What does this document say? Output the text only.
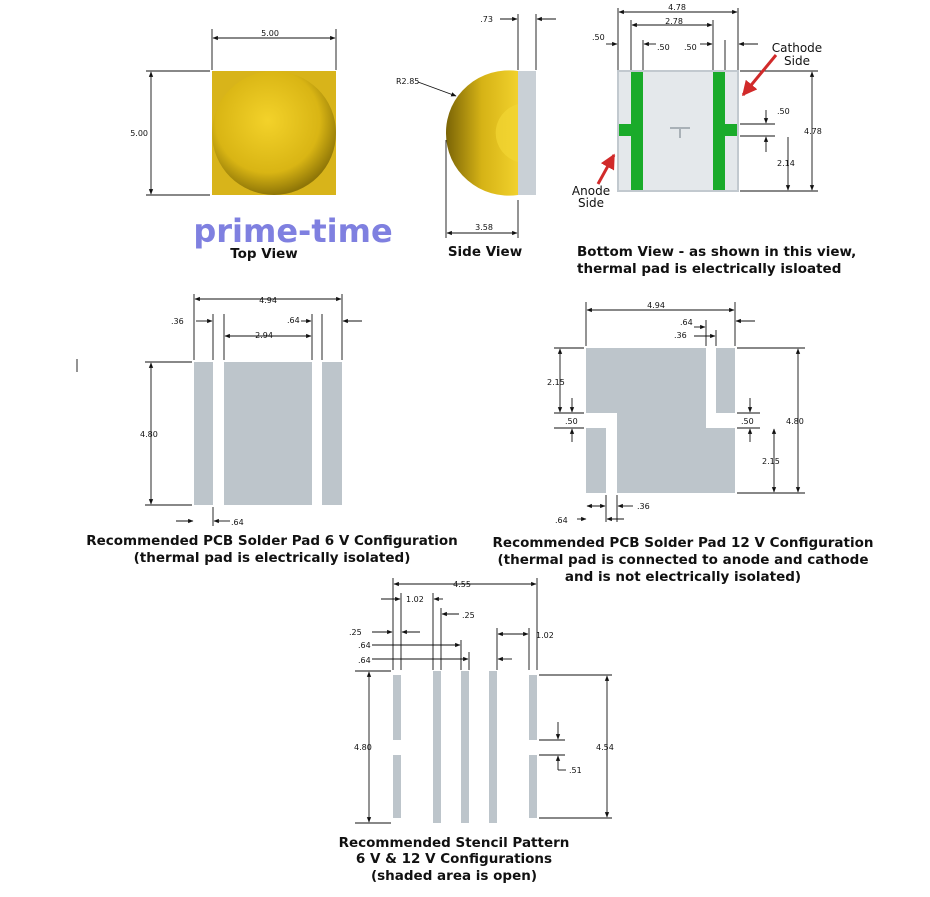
5.00
5.00
prime-time
Top View
.73
R2.85
3.58
Side View
4.78
2.78
.50
.50 .50
4.78
.50
2.14
Cathode
Side
Anode
Side
Bottom View - as shown in this view,
thermal pad is electrically isloated
4.94
.36
2.94
.64
4.80
.64
Recommended PCB Solder Pad 6 V Configuration
(thermal pad is electrically isolated)
4.94
.64
.36
2.15
.50	.50	4.80
2.15
.36
.64
Recommended PCB Solder Pad 12 V Configuration
(thermal pad is connected to anode and cathode
and is not electrically isolated)
4.55
1.02
.25
.25
.64
.64
1.02
4.80	4.54
.51
Recommended Stencil Pattern
6 V & 12 V Configurations
(shaded area is open)
